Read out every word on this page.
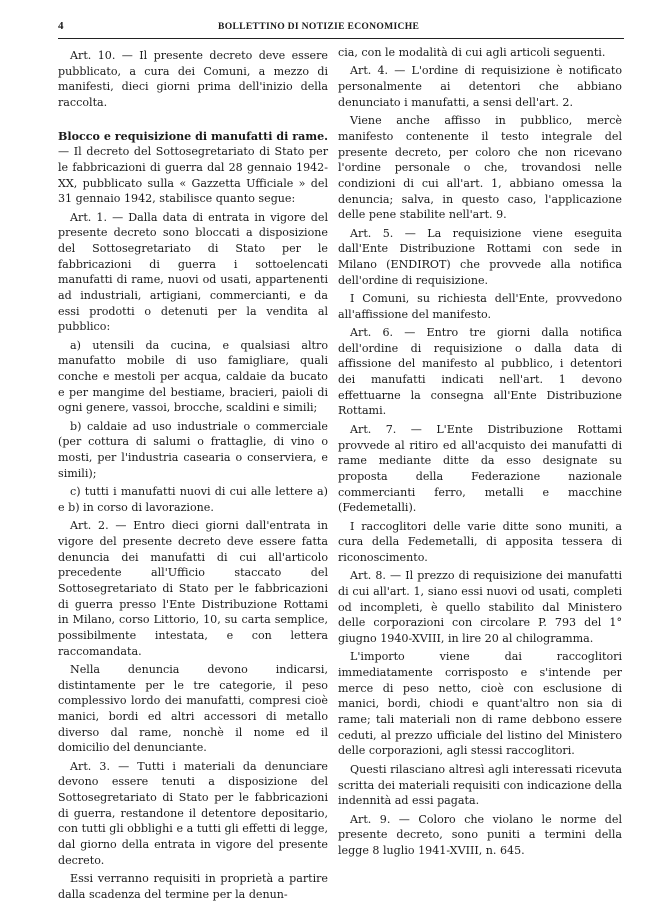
4	BOLLETTINO DI NOTIZIE ECONOMICHE

Art. 10. — Il presente decreto deve essere pubblicato, a cura dei Comuni, a mezzo di manifesti, dieci giorni prima dell'inizio della raccolta.

Blocco e requisizione di manufatti di rame. — Il decreto del Sottosegretariato di Stato per le fabbricazioni di guerra dal 28 gennaio 1942-XX, pubblicato sulla « Gazzetta Ufficiale » del 31 gennaio 1942, stabilisce quanto segue:

Art. 1. — Dalla data di entrata in vigore del presente decreto sono bloccati a disposizione del Sottosegretariato di Stato per le fabbricazioni di guerra i sottoelencati manufatti di rame, nuovi od usati, appartenenti ad industriali, artigiani, commercianti, e da essi prodotti o detenuti per la vendita al pubblico:

a) utensili da cucina, e qualsiasi altro manufatto mobile di uso famigliare, quali conche e mestoli per acqua, caldaie da bucato e per mangime del bestiame, bracieri, paioli di ogni genere, vassoi, brocche, scaldini e simili;

b) caldaie ad uso industriale o commerciale (per cottura di salumi o frattaglie, di vino o mosti, per l'industria casearia o conserviera, e simili);

c) tutti i manufatti nuovi di cui alle lettere a) e b) in corso di lavorazione.

Art. 2. — Entro dieci giorni dall'entrata in vigore del presente decreto deve essere fatta denuncia dei manufatti di cui all'articolo precedente all'Ufficio staccato del Sottosegretariato di Stato per le fabbricazioni di guerra presso l'Ente Distribuzione Rottami in Milano, corso Littorio, 10, su carta semplice, possibilmente intestata, e con lettera raccomandata.

Nella denuncia devono indicarsi, distintamente per le tre categorie, il peso complessivo lordo dei manufatti, compresi cioè manici, bordi ed altri accessori di metallo diverso dal rame, nonchè il nome ed il domicilio del denunciante.

Art. 3. — Tutti i materiali da denunciare devono essere tenuti a disposizione del Sottosegretariato di Stato per le fabbricazioni di guerra, restandone il detentore depositario, con tutti gli obblighi e a tutti gli effetti di legge, dal giorno della entrata in vigore del presente decreto.

Essi verranno requisiti in proprietà a partire dalla scadenza del termine per la denun-

cia, con le modalità di cui agli articoli seguenti.

Art. 4. — L'ordine di requisizione è notificato personalmente ai detentori che abbiano denunciato i manufatti, a sensi dell'art. 2.

Viene anche affisso in pubblico, mercè manifesto contenente il testo integrale del presente decreto, per coloro che non ricevano l'ordine personale o che, trovandosi nelle condizioni di cui all'art. 1, abbiano omessa la denuncia; salva, in questo caso, l'applicazione delle pene stabilite nell'art. 9.

Art. 5. — La requisizione viene eseguita dall'Ente Distribuzione Rottami con sede in Milano (ENDIROT) che provvede alla notifica dell'ordine di requisizione.

I Comuni, su richiesta dell'Ente, provvedono all'affissione del manifesto.

Art. 6. — Entro tre giorni dalla notifica dell'ordine di requisizione o dalla data di affissione del manifesto al pubblico, i detentori dei manufatti indicati nell'art. 1 devono effettuarne la consegna all'Ente Distribuzione Rottami.

Art. 7. — L'Ente Distribuzione Rottami provvede al ritiro ed all'acquisto dei manufatti di rame mediante ditte da esso designate su proposta della Federazione nazionale commercianti ferro, metalli e macchine (Fedemetalli).

I raccoglitori delle varie ditte sono muniti, a cura della Fedemetalli, di apposita tessera di riconoscimento.

Art. 8. — Il prezzo di requisizione dei manufatti di cui all'art. 1, siano essi nuovi od usati, completi od incompleti, è quello stabilito dal Ministero delle corporazioni con circolare P. 793 del 1° giugno 1940-XVIII, in lire 20 al chilogramma.

L'importo viene dai raccoglitori immediatamente corrisposto e s'intende per merce di peso netto, cioè con esclusione di manici, bordi, chiodi e quant'altro non sia di rame; tali materiali non di rame debbono essere ceduti, al prezzo ufficiale del listino del Ministero delle corporazioni, agli stessi raccoglitori.

Questi rilasciano altresì agli interessati ricevuta scritta dei materiali requisiti con indicazione della indennità ad essi pagata.

Art. 9. — Coloro che violano le norme del presente decreto, sono puniti a termini della legge 8 luglio 1941-XVIII, n. 645.
